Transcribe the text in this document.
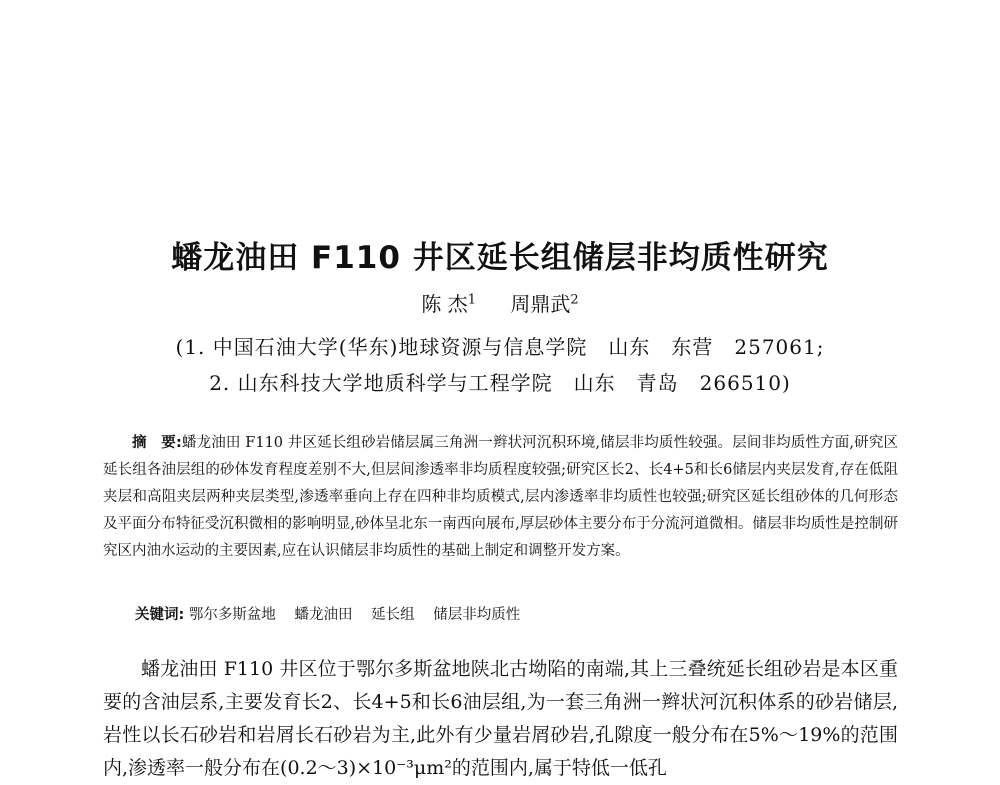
蟠龙油田 F110 井区延长组储层非均质性研究
陈 杰$^1$ 周鼎武$^2$
(1. 中国石油大学(华东)地球资源与信息学院　山东　东营　257061;
2. 山东科技大学地质科学与工程学院　山东　青岛　266510)
摘　要:蟠龙油田 F110 井区延长组砂岩储层属三角洲一辫状河沉积环境,储层非均质性较强。层间非均质性方面,研究区延长组各油层组的砂体发育程度差别不大,但层间渗透率非均质程度较强;研究区长2、长4+5和长6储层内夹层发育,存在低阻夹层和高阻夹层两种夹层类型,渗透率垂向上存在四种非均质模式,层内渗透率非均质性也较强;研究区延长组砂体的几何形态及平面分布特征受沉积微相的影响明显,砂体呈北东一南西向展布,厚层砂体主要分布于分流河道微相。储层非均质性是控制研究区内油水运动的主要因素,应在认识储层非均质性的基础上制定和调整开发方案。
关键词: 鄂尔多斯盆地 蟠龙油田 延长组 储层非均质性
蟠龙油田 F110 井区位于鄂尔多斯盆地陕北古坳陷的南端,其上三叠统延长组砂岩是本区重要的含油层系,主要发育长2、长4+5和长6油层组,为一套三角洲一辫状河沉积体系的砂岩储层,岩性以长石砂岩和岩屑长石砂岩为主,此外有少量岩屑砂岩,孔隙度一般分布在5%～19%的范围内,渗透率一般分布在(0.2～3)×10⁻³μm²的范围内,属于特低一低孔
